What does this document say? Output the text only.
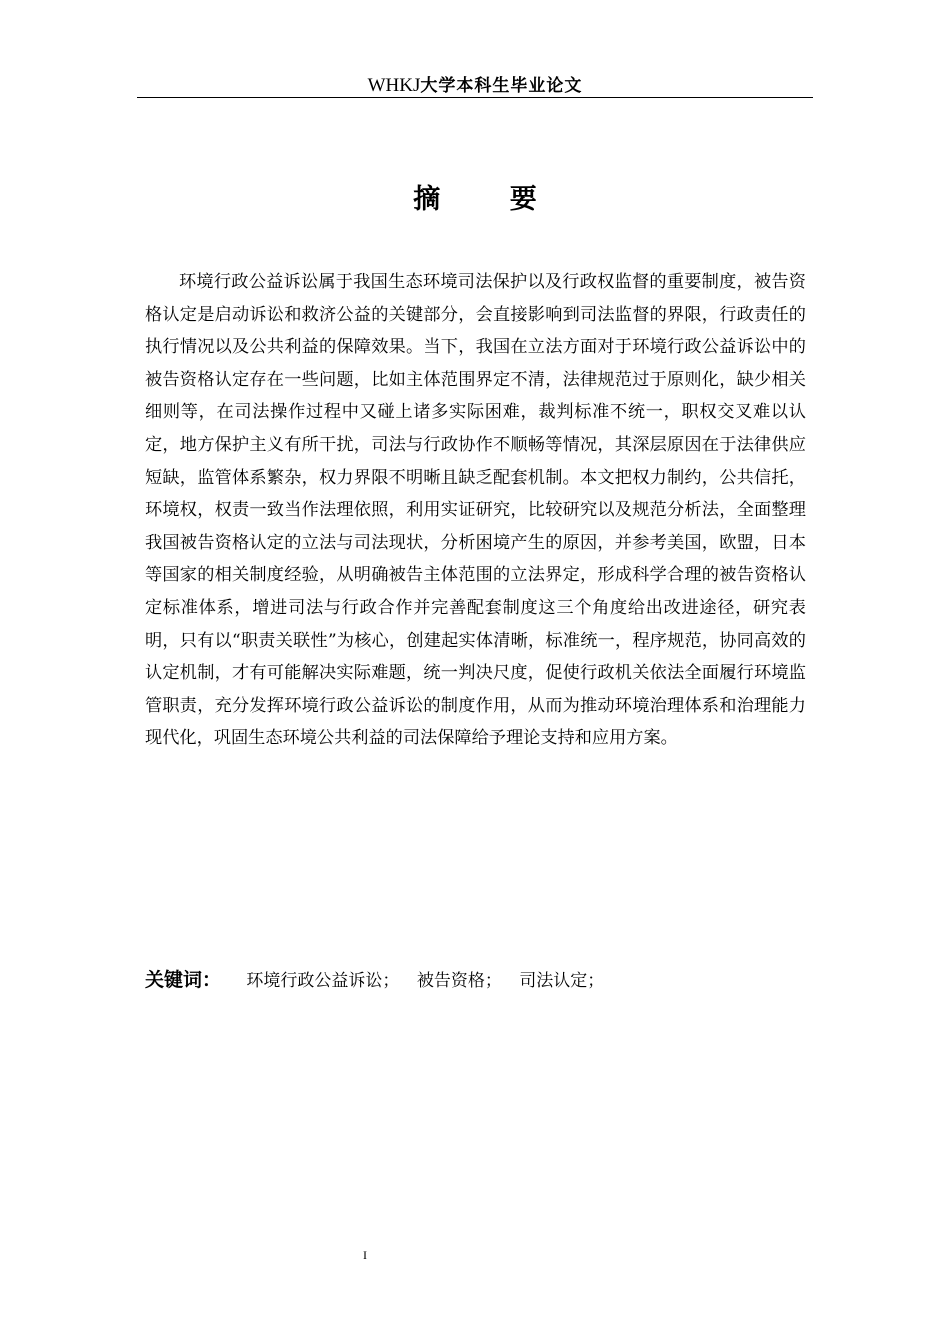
WHKJ大学本科生毕业论文
摘 要

环境行政公益诉讼属于我国生态环境司法保护以及行政权监督的重要制度，被告资格认定是启动诉讼和救济公益的关键部分，会直接影响到司法监督的界限，行政责任的执行情况以及公共利益的保障效果。当下，我国在立法方面对于环境行政公益诉讼中的被告资格认定存在一些问题，比如主体范围界定不清，法律规范过于原则化，缺少相关细则等，在司法操作过程中又碰上诸多实际困难，裁判标准不统一，职权交叉难以认定，地方保护主义有所干扰，司法与行政协作不顺畅等情况，其深层原因在于法律供应短缺，监管体系繁杂，权力界限不明晰且缺乏配套机制。本文把权力制约，公共信托，环境权，权责一致当作法理依照，利用实证研究，比较研究以及规范分析法，全面整理我国被告资格认定的立法与司法现状，分析困境产生的原因，并参考美国，欧盟，日本等国家的相关制度经验，从明确被告主体范围的立法界定，形成科学合理的被告资格认定标准体系，增进司法与行政合作并完善配套制度这三个角度给出改进途径，研究表明，只有以“职责关联性”为核心，创建起实体清晰，标准统一，程序规范，协同高效的认定机制，才有可能解决实际难题，统一判决尺度，促使行政机关依法全面履行环境监管职责，充分发挥环境行政公益诉讼的制度作用，从而为推动环境治理体系和治理能力现代化，巩固生态环境公共利益的司法保障给予理论支持和应用方案。

关键词： 环境行政公益诉讼； 被告资格； 司法认定；
I
